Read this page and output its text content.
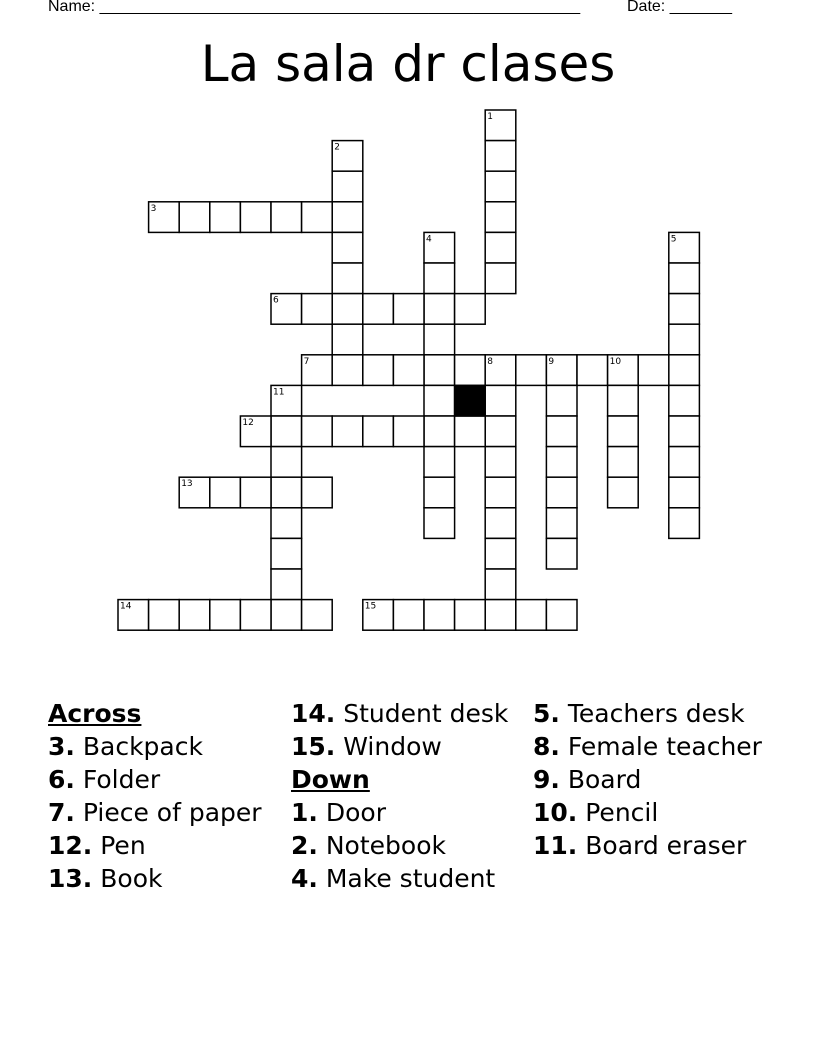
Name: ______________________________________________________	Date: _______
La sala dr clases
1
2
3
4	5
6
7	8	9	10
11
12
13
14	15
Across
3. Backpack
6. Folder
7. Piece of paper
12. Pen
13. Book
14. Student desk
15. Window
Down
1. Door
2. Notebook
4. Make student
5. Teachers desk
8. Female teacher
9. Board
10. Pencil
11. Board eraser
